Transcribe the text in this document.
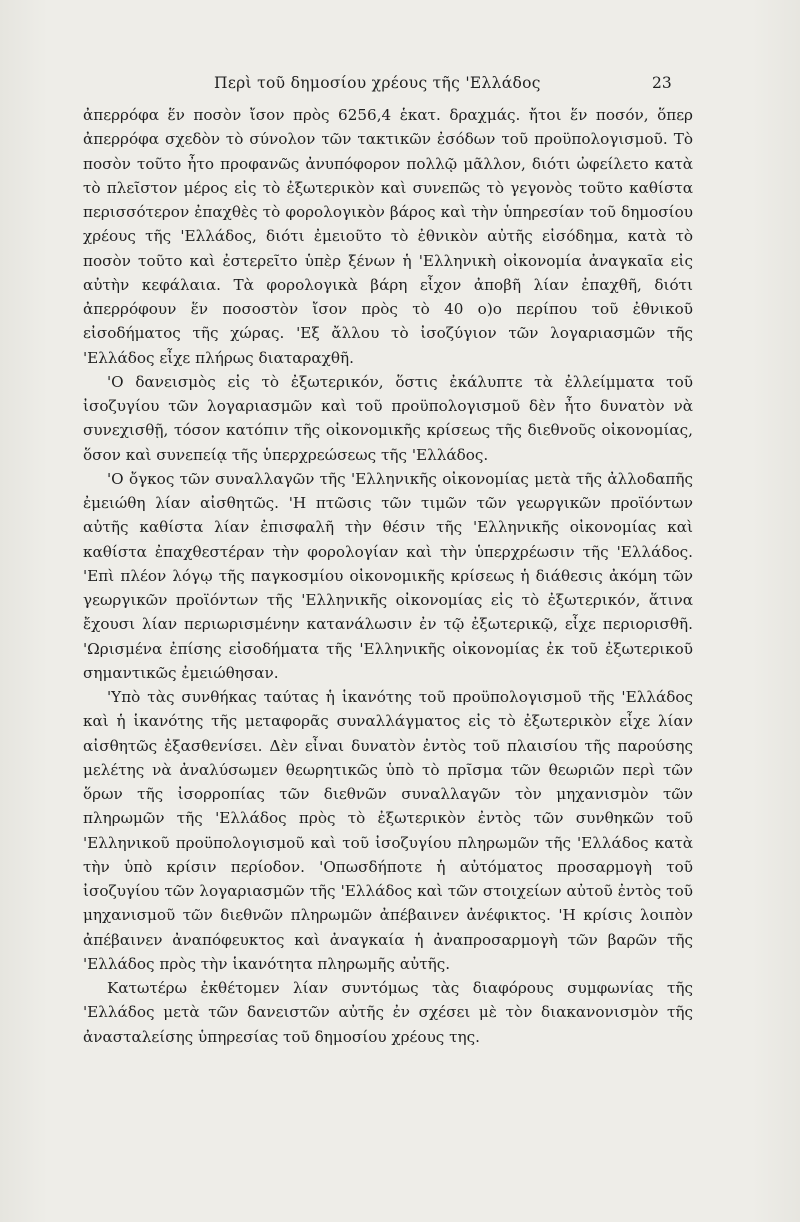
Περὶ τοῦ δημοσίου χρέους τῆς 'Ελλάδος	23

ἀπερρόφα ἕν ποσὸν ἴσον πρὸς 6256,4 ἑκατ. δραχμάς. ἤτοι ἕν ποσόν, ὅπερ ἀπερρόφα σχεδὸν τὸ σύνολον τῶν τακτικῶν ἐσόδων τοῦ προϋπολογισμοῦ. Τὸ ποσὸν τοῦτο ἦτο προφανῶς ἀνυπόφορον πολλῷ μᾶλλον, διότι ὠφείλετο κατὰ τὸ πλεῖστον μέρος εἰς τὸ ἐξωτερικὸν καὶ συνεπῶς τὸ γεγονὸς τοῦτο καθίστα περισσότερον ἐπαχθὲς τὸ φορολογικὸν βάρος καὶ τὴν ὑπηρεσίαν τοῦ δημοσίου χρέους τῆς 'Ελλάδος, διότι ἐμειοῦτο τὸ ἐθνικὸν αὐτῆς εἰσόδημα, κατὰ τὸ ποσὸν τοῦτο καὶ ἐστερεῖτο ὑπὲρ ξένων ἡ 'Ελληνικὴ οἰκονομία ἀναγκαῖα εἰς αὐτὴν κεφάλαια. Τὰ φορολογικὰ βάρη εἶχον ἀποβῆ λίαν ἐπαχθῆ, διότι ἀπερρόφουν ἕν ποσοστὸν ἴσον πρὸς τὸ 40 ο)ο περίπου τοῦ ἐθνικοῦ εἰσοδήματος τῆς χώρας. 'Εξ ἄλλου τὸ ἰσοζύγιον τῶν λογαριασμῶν τῆς 'Ελλάδος εἶχε πλήρως διαταραχθῆ.

'Ο δανεισμὸς εἰς τὸ ἐξωτερικόν, ὅστις ἐκάλυπτε τὰ ἐλλείμματα τοῦ ἰσοζυγίου τῶν λογαριασμῶν καὶ τοῦ προϋπολογισμοῦ δὲν ἦτο δυνατὸν νὰ συνεχισθῇ, τόσον κατόπιν τῆς οἰκονομικῆς κρίσεως τῆς διεθνοῦς οἰκονομίας, ὅσον καὶ συνεπείᾳ τῆς ὑπερχρεώσεως τῆς 'Ελλάδος.

'Ο ὄγκος τῶν συναλλαγῶν τῆς 'Ελληνικῆς οἰκονομίας μετὰ τῆς ἀλλοδαπῆς ἐμειώθη λίαν αἰσθητῶς. 'Η πτῶσις τῶν τιμῶν τῶν γεωργικῶν προϊόντων αὐτῆς καθίστα λίαν ἐπισφαλῆ τὴν θέσιν τῆς 'Ελληνικῆς οἰκονομίας καὶ καθίστα ἐπαχθεστέραν τὴν φορολογίαν καὶ τὴν ὑπερχρέωσιν τῆς 'Ελλάδος. 'Επὶ πλέον λόγῳ τῆς παγκοσμίου οἰκονομικῆς κρίσεως ἡ διάθεσις ἀκόμη τῶν γεωργικῶν προϊόντων τῆς 'Ελληνικῆς οἰκονομίας εἰς τὸ ἐξωτερικόν, ἅτινα ἔχουσι λίαν περιωρισμένην κατανάλωσιν ἐν τῷ ἐξωτερικῷ, εἶχε περιορισθῆ. 'Ωρισμένα ἐπίσης εἰσοδήματα τῆς 'Ελληνικῆς οἰκονομίας ἐκ τοῦ ἐξωτερικοῦ σημαντικῶς ἐμειώθησαν.

'Υπὸ τὰς συνθήκας ταύτας ἡ ἱκανότης τοῦ προϋπολογισμοῦ τῆς 'Ελλάδος καὶ ἡ ἱκανότης τῆς μεταφορᾶς συναλλάγματος εἰς τὸ ἐξωτερικὸν εἶχε λίαν αἰσθητῶς ἐξασθενίσει. Δὲν εἶναι δυνατὸν ἐντὸς τοῦ πλαισίου τῆς παρούσης μελέτης νὰ ἀναλύσωμεν θεωρητικῶς ὑπὸ τὸ πρῖσμα τῶν θεωριῶν περὶ τῶν ὅρων τῆς ἰσορροπίας τῶν διεθνῶν συναλλαγῶν τὸν μηχανισμὸν τῶν πληρωμῶν τῆς 'Ελλάδος πρὸς τὸ ἐξωτερικὸν ἐντὸς τῶν συνθηκῶν τοῦ 'Ελληνικοῦ προϋπολογισμοῦ καὶ τοῦ ἰσοζυγίου πληρωμῶν τῆς 'Ελλάδος κατὰ τὴν ὑπὸ κρίσιν περίοδον. 'Οπωσδήποτε ἡ αὐτόματος προσαρμογὴ τοῦ ἰσοζυγίου τῶν λογαριασμῶν τῆς 'Ελλάδος καὶ τῶν στοιχείων αὐτοῦ ἐντὸς τοῦ μηχανισμοῦ τῶν διεθνῶν πληρωμῶν ἀπέβαινεν ἀνέφικτος. 'Η κρίσις λοιπὸν ἀπέβαινεν ἀναπόφευκτος καὶ ἀναγκαία ἡ ἀναπροσαρμογὴ τῶν βαρῶν τῆς 'Ελλάδος πρὸς τὴν ἱκανότητα πληρωμῆς αὐτῆς.

Κατωτέρω ἐκθέτομεν λίαν συντόμως τὰς διαφόρους συμφωνίας τῆς 'Ελλάδος μετὰ τῶν δανειστῶν αὐτῆς ἐν σχέσει μὲ τὸν διακανονισμὸν τῆς ἀνασταλείσης ὑπηρεσίας τοῦ δημοσίου χρέους της.
